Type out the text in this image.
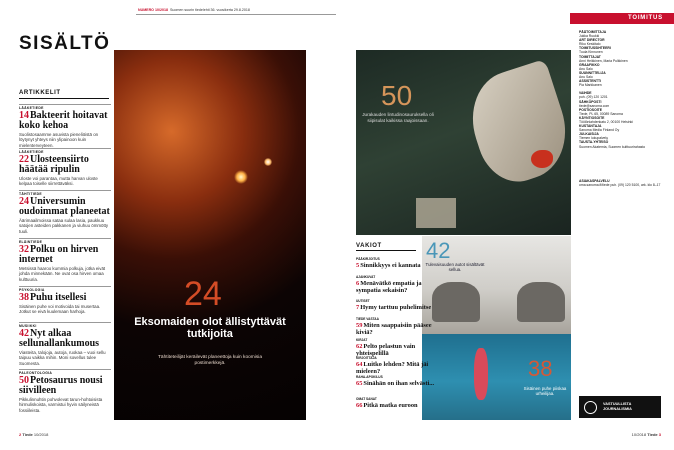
NUMERO 10/2018 Suomen suurin tiedelehti 36. vuosikerta 29.8.2018
SISÄLTÖ
ARTIKKELIT
LÄÄKETIEDE
14Bakteerit hoitavat koko kehoa
Suolistosaamme asuvista pieneliöistä on löytynyt yhteys niin ylipainoon kuin mielenterveyteen.
LÄÄKETIEDE
22Ulosteensiirto häätää ripulin
Uloste voi parantaa, mutta harvan uloste kelpaa toiselle siirrettäväksi.
TÄHTITIEDE
24Universumin oudoimmat planeetat
Äärimaailmoissa sataa sulaa lasia, paukkuu satojen asteiden pakkanen ja viuhuu ömmötty tuuli.
ELÄINTIEDE
32Polku on hirven internet
Metsissä haaroo kummia polkuja, jotka eivät johda minnekään. Ne ovat osa hirven omaa kulttuuria.
PSYKOLOGIA
38Puhu itsellesi
Sisäinen puhe voi motivoida tai musertaa. Jotkut se eivä kuulemaan harhoja.
MUSIIKKI
42Nyt alkaa sellunallankumous
Viasteita, talojoja, autoja, ruokaa – vuoi sellu taipuu vaikka mihin. Moni sovellus tulee Suomesta.
PALEONTOLOGIA
50Petosaurus nousi siivilleen
Pikkulinnuhtin pohvolevat tarun-hohtoisista hirmuliskoista, varmistui hyvin säilyneistä fossiileista.
24
Eksomaiden olot ällistyttävät tutkijoita
Tähtiteteilijät keräilevät planeettoja kuin koomisia postimerkkejä.
2 Tiede 10/2018
TOIMITUS
50
Jurakauden lintudinosauruksella oli siipisulat kaikissa raajoissaan.
42
Tulevaisuuden autot sisältävät sellua.
38
Sisäinen puhe piiskaa urheilijaa.
VAKIOT
PÄÄKIRJOITUS
5Sinnikkyys ei kannata
AJANKUVAT
6Menävätkö empatia ja sympatia sekaisin?
UUTISET
7Hymy tarttuu puhelimitse
TIEDE VASTAA
59Miten saappaisiin pääsee kiviä?
KIRJAT
62Pelto pelastun vain yhteispelillä
KIRJOITTAJA
64Luitko lehden? Mitä jäi mieleen?
RAHA-APOKILUS
65Sinähän on ihan selvästi...
OMAT SANAT
66Pitkä matka euroon
PÄÄTOIMITTAJA
Jukka Ruukki
ART DIRECTOR
Riku Keskitalo
TOIMITUSSIHTEERI
Tuula Kinnunen
TOIMITTAJAT
Anni Heikkinen, Maria Pulkkinen
GRAAFIKKO
Anu Salo
SUUNNITTELIJA
Anu Salo
ASSISTENTTI
Pia Markkanen
VAIHDE
puh. (09) 120 1201
SÄHKÖPOSTI
tiede@sanoma.com
POSTIOSOITE
Tiede, PL 65, 00089 Sanoma
KÄYNTIOSOITE
Töölönlahdenkatu 2, 00100 Helsinki
KUSTANTAJA
Sanoma Media Finland Oy
JULKAISIJA
Tiemen lukupalvelu
TAUSTA-YHTEISÖ
Suomen Akatemia, Suomen kulttuurirahasto
ASIAKASPALVELU
oma.sanoma.fi/tiede puh. (09) 120 5100, ark. klo 8–17
VASTUULLISTA JOURNALISMIA
10/2018 Tiede 3
